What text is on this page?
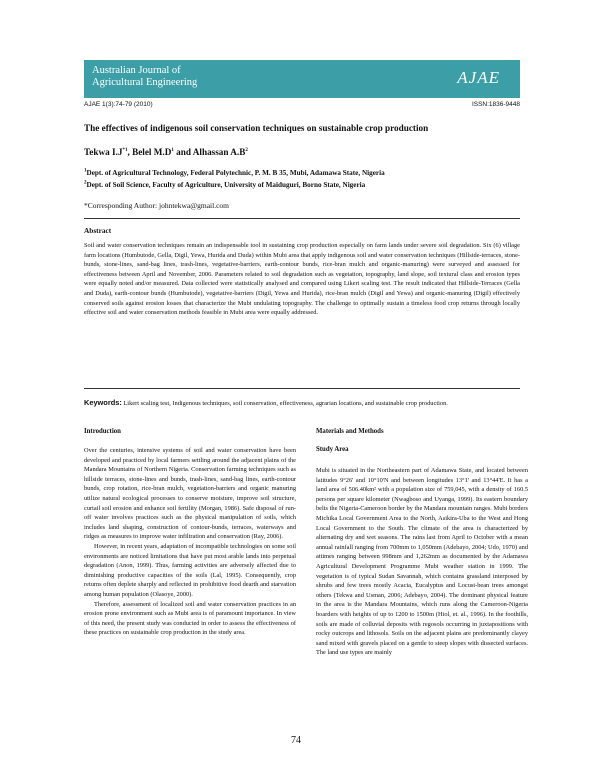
Australian Journal of
Agricultural Engineering	AJAE
AJAE 1(3):74-79 (2010)	ISSN:1836-9448
The effectives of indigenous soil conservation techniques on sustainable crop production
Tekwa $I.J^{*1}$, Belel $M.D^1$ and Alhassan $A.B^2$
$^1$Dept. of Agricultural Technology, Federal Polytechnic, P. M. B 35, Mubi, Adamawa State, Nigeria
$^2$Dept. of Soil Science, Faculty of Agriculture, University of Maiduguri, Borno State, Nigeria
*Corresponding Author: johntekwa@gmail.com
Abstract
Soil and water conservation techniques remain an indispensable tool in sustaining crop production especially on farm lands under severe soil degradation. Six (6) village farm locations (Humbutode, Gella, Digil, Yewa, Hurida and Duda) within Mubi area that apply indigenous soil and water conservation techniques (Hillside-terraces, stone-bunds, stone-lines, sand-bag lines, trash-lines, vegetative-barriers, earth-contour bunds, rice-bran mulch and organic-manuring) were surveyed and assessed for effectiveness between April and November, 2006. Parameters related to soil degradation such as vegetation, topography, land slope, soil textural class and erosion types were equally noted and/or measured. Data collected were statistically analysed and compared using Likert scaling test. The result indicated that Hillside-Terraces (Gella and Duda), earth-contour bunds (Humbutode), vegetative-barriers (Digil, Yewa and Hurida), rice-bran mulch (Digil and Yewa) and organic-manuring (Digil) effectively conserved soils against erosion losses that characterize the Mubi undulating topography. The challenge to optimally sustain a timeless food crop returns through locally effective soil and water conservation methods feasible in Mubi area were equally addressed.
Keywords: Likert scaling test, Indigenous techniques, soil conservation, effectiveness, agrarian locations, and sustainable crop production.
Introduction

Over the centuries, intensive systems of soil and water conservation have been developed and practiced by local farmers settling around the adjacent plains of the Mandara Mountains of Northern Nigeria. Conservation farming techniques such as hillside terraces, stone-lines and bunds, trash-lines, sand-bag lines, earth-contour bunds, crop rotation, rice-bran mulch, vegetation-barriers and organic manuring utilize natural ecological processes to conserve moisture, improve soil structure, curtail soil erosion and enhance soil fertility (Morgan, 1986). Safe disposal of run-off water involves practices such as the physical manipulation of soils, which includes land shaping, construction of contour-bunds, terraces, waterways and ridges as measures to improve water infiltration and conservation (Ray, 2006).

However, in recent years, adaptation of incompatible technologies on some soil environments are noticed limitations that have put most arable lands into perpetual degradation (Anon, 1999). Thus, farming activities are adversely affected due to diminishing productive capacities of the soils (Lal, 1995). Consequently, crop returns often deplete sharply and reflected in prohibitive food dearth and starvation among human population (Olasoye, 2000).

Therefore, assessment of localized soil and water conservation practices in an erosion prone environment such as Mubi area is of paramount importance. In view of this need, the present study was conducted in order to assess the effectiveness of these practices on sustainable crop production in the study area.

Materials and Methods
Study Area

Mubi is situated in the Northeastern part of Adamawa State, and located between latitudes 9°26' and 10°10'N and between longitudes 13°1' and 13°44'E. It has a land area of 506.40km² with a population size of 759,045, with a density of 160.5 persons per square kilometer (Nwagboso and Uyanga, 1999). Its eastern boundary belts the Nigeria-Cameroon border by the Mandara mountain ranges. Mubi borders Michika Local Government Area to the North, Asikira-Uba to the West and Hong Local Government to the South. The climate of the area is characterized by alternating dry and wet seasons. The rains last from April to October with a mean annual rainfall ranging from 700mm to 1,050mm (Adebayo, 2004; Udo, 1970) and attimes ranging between 998mm and 1,262mm as documented by the Adamawa Agricultural Development Programme Mubi weather station in 1999. The vegetation is of typical Sudan Savannah, which contains grassland interposed by shrubs and few trees mostly Acacia, Eucalyptus and Locust-bean trees amongst others (Tekwa and Usman, 2006; Adebayo, 2004). The dominant physical feature in the area is the Mandara Mountains, which runs along the Cameroon-Nigeria boarders with heights of up to 1200 to 1500m (Hiol, et. al., 1996). In the foothills, soils are made of colluvial deposits with regosols occurring in juxtapositions with rocky outcrops and lithosols. Soils on the adjacent plains are predominantly clayey sand mixed with gravels placed on a gentle to steep slopes with dissected surfaces. The land use types are mainly

74
